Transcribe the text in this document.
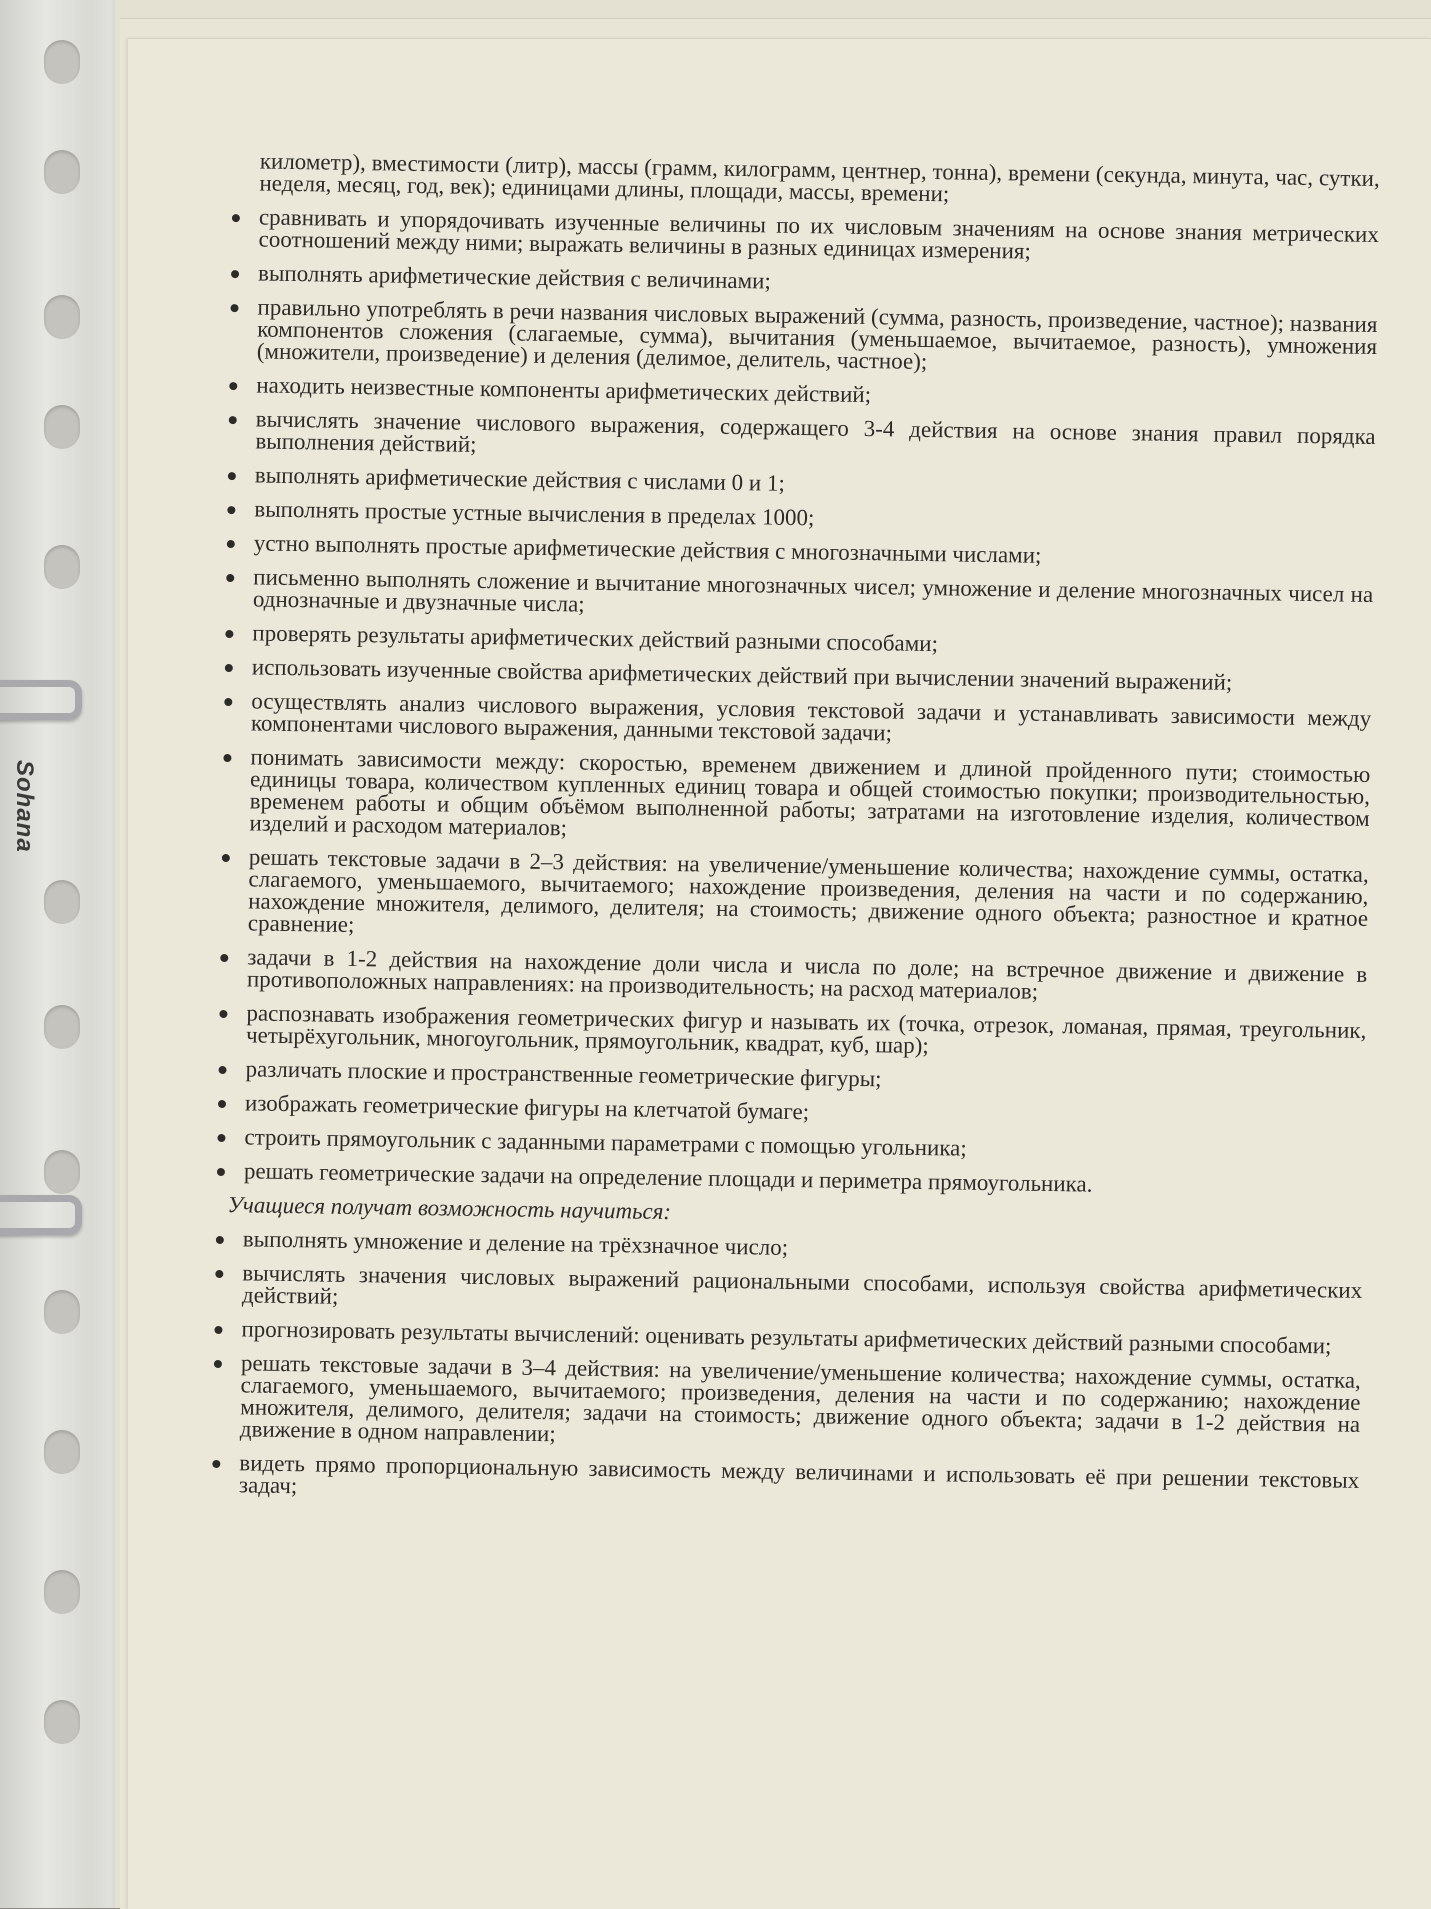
Sohana
километр), вместимости (литр), массы (грамм, килограмм, центнер, тонна), времени (секунда, минута, час, сутки, неделя, месяц, год, век); единицами длины, площади, массы, времени;
сравнивать и упорядочивать изученные величины по их числовым значениям на основе знания метрических соотношений между ними; выражать величины в разных единицах измерения;
выполнять арифметические действия с величинами;
правильно употреблять в речи названия числовых выражений (сумма, разность, произведение, частное); названия компонентов сложения (слагаемые, сумма), вычитания (уменьшаемое, вычитаемое, разность), умножения (множители, произведение) и деления (делимое, делитель, частное);
находить неизвестные компоненты арифметических действий;
вычислять значение числового выражения, содержащего 3-4 действия на основе знания правил порядка выполнения действий;
выполнять арифметические действия с числами 0 и 1;
выполнять простые устные вычисления в пределах 1000;
устно выполнять простые арифметические действия с многозначными числами;
письменно выполнять сложение и вычитание многозначных чисел; умножение и деление многозначных чисел на однозначные и двузначные числа;
проверять результаты арифметических действий разными способами;
использовать изученные свойства арифметических действий при вычислении значений выражений;
осуществлять анализ числового выражения, условия текстовой задачи и устанавливать зависимости между компонентами числового выражения, данными текстовой задачи;
понимать зависимости между: скоростью, временем движением и длиной пройденного пути; стоимостью единицы товара, количеством купленных единиц товара и общей стоимостью покупки; производительностью, временем работы и общим объёмом выполненной работы; затратами на изготовление изделия, количеством изделий и расходом материалов;
решать текстовые задачи в 2–3 действия: на увеличение/уменьшение количества; нахождение суммы, остатка, слагаемого, уменьшаемого, вычитаемого; нахождение произведения, деления на части и по содержанию, нахождение множителя, делимого, делителя; на стоимость; движение одного объекта; разностное и кратное сравнение;
задачи в 1-2 действия на нахождение доли числа и числа по доле; на встречное движение и движение в противоположных направлениях: на производительность; на расход материалов;
распознавать изображения геометрических фигур и называть их (точка, отрезок, ломаная, прямая, треугольник, четырёхугольник, многоугольник, прямоугольник, квадрат, куб, шар);
различать плоские и пространственные геометрические фигуры;
изображать геометрические фигуры на клетчатой бумаге;
строить прямоугольник с заданными параметрами с помощью угольника;
решать геометрические задачи на определение площади и периметра прямоугольника.
Учащиеся получат возможность научиться:
выполнять умножение и деление на трёхзначное число;
вычислять значения числовых выражений рациональными способами, используя свойства арифметических действий;
прогнозировать результаты вычислений: оценивать результаты арифметических действий разными способами;
решать текстовые задачи в 3–4 действия: на увеличение/уменьшение количества; нахождение суммы, остатка, слагаемого, уменьшаемого, вычитаемого; произведения, деления на части и по содержанию; нахождение множителя, делимого, делителя; задачи на стоимость; движение одного объекта; задачи в 1-2 действия на движение в одном направлении;
видеть прямо пропорциональную зависимость между величинами и использовать её при решении текстовых задач;
